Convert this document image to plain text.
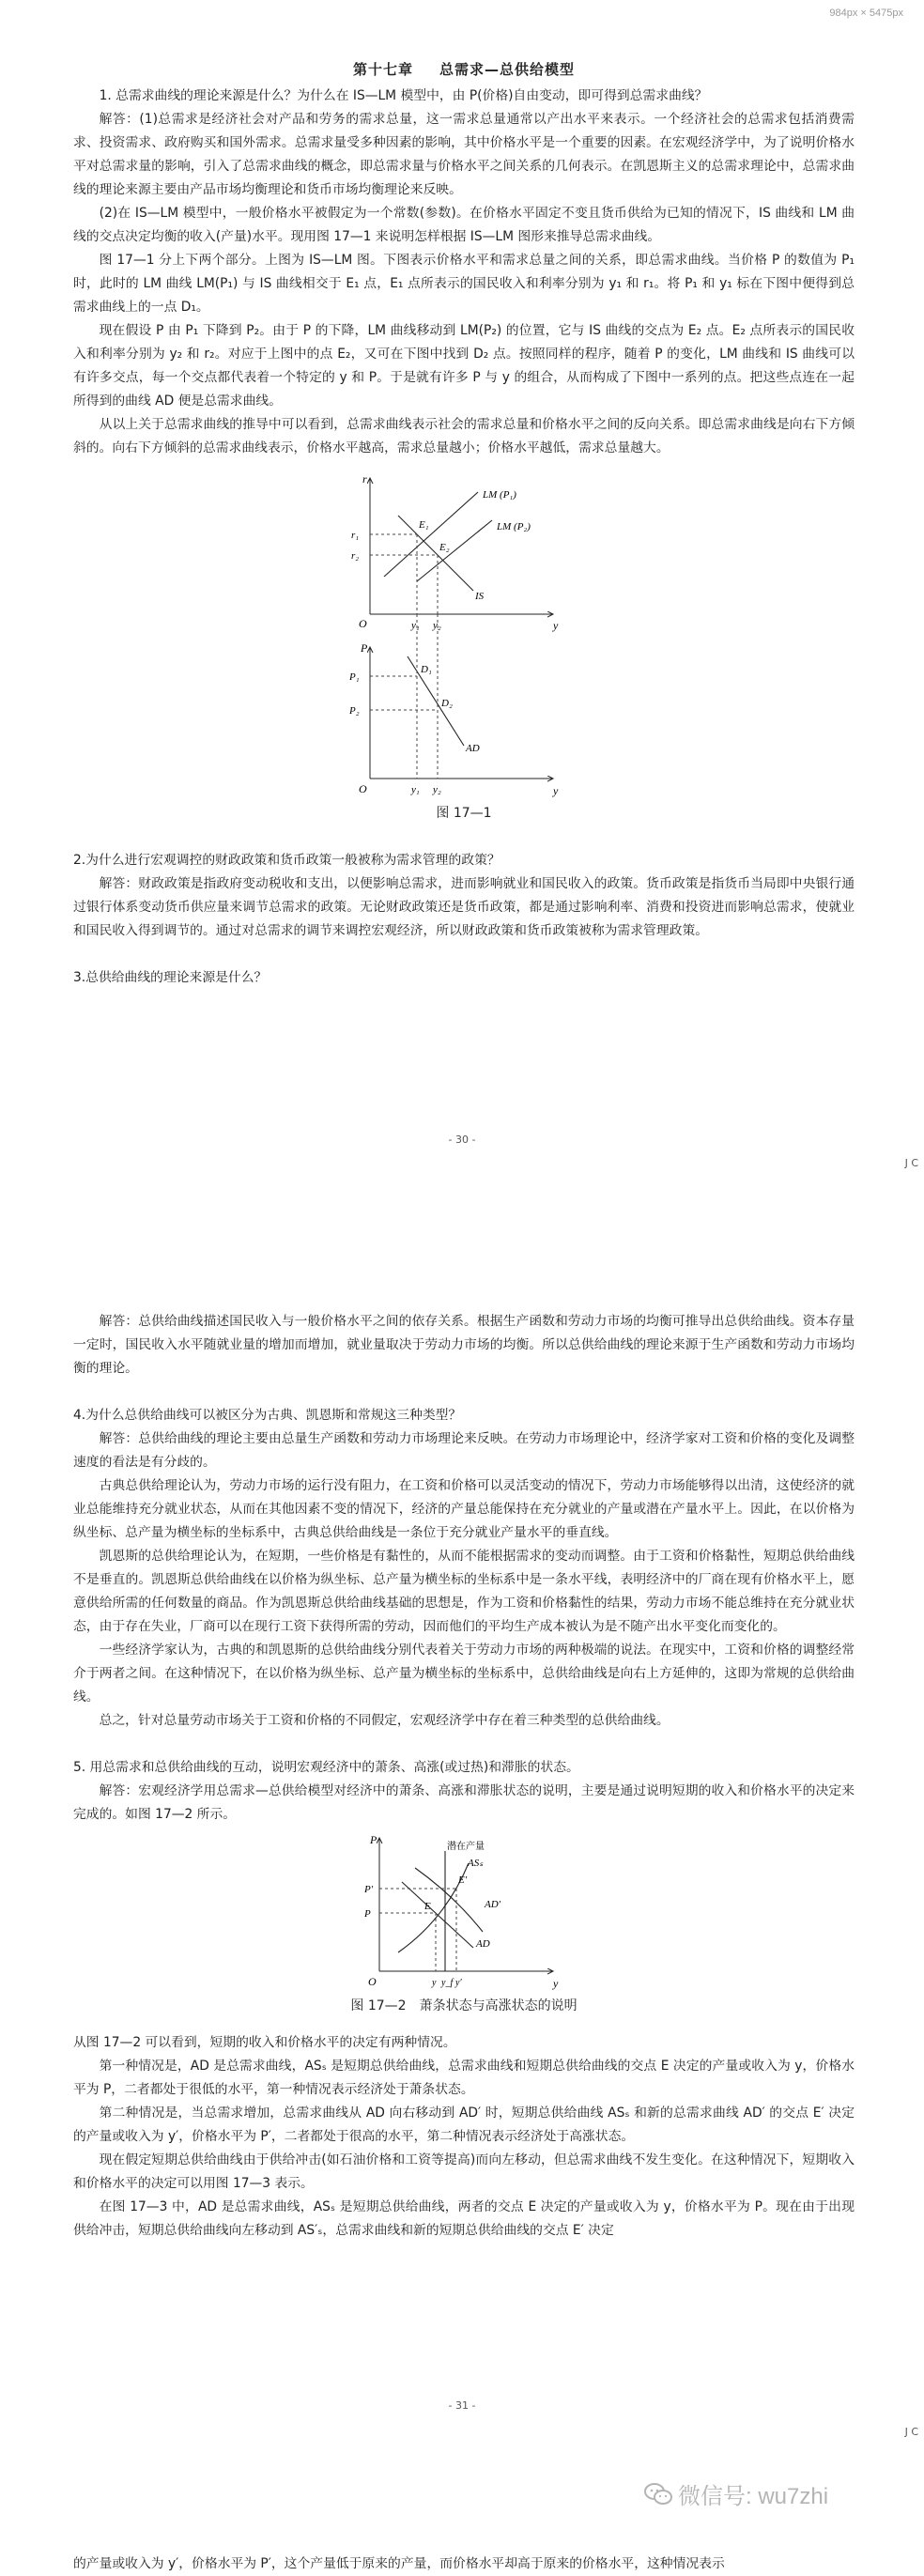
984px × 5475px
第十七章 总需求—总供给模型

1. 总需求曲线的理论来源是什么？为什么在 IS—LM 模型中，由 P(价格)自由变动，即可得到总需求曲线？

解答：(1)总需求是经济社会对产品和劳务的需求总量，这一需求总量通常以产出水平来表示。一个经济社会的总需求包括消费需求、投资需求、政府购买和国外需求。总需求量受多种因素的影响，其中价格水平是一个重要的因素。在宏观经济学中，为了说明价格水平对总需求量的影响，引入了总需求曲线的概念，即总需求量与价格水平之间关系的几何表示。在凯恩斯主义的总需求理论中，总需求曲线的理论来源主要由产品市场均衡理论和货币市场均衡理论来反映。

(2)在 IS—LM 模型中，一般价格水平被假定为一个常数(参数)。在价格水平固定不变且货币供给为已知的情况下，IS 曲线和 LM 曲线的交点决定均衡的收入(产量)水平。现用图 17—1 来说明怎样根据 IS—LM 图形来推导总需求曲线。

图 17—1 分上下两个部分。上图为 IS—LM 图。下图表示价格水平和需求总量之间的关系，即总需求曲线。当价格 P 的数值为 P₁ 时，此时的 LM 曲线 LM(P₁) 与 IS 曲线相交于 E₁ 点，E₁ 点所表示的国民收入和利率分别为 y₁ 和 r₁。将 P₁ 和 y₁ 标在下图中便得到总需求曲线上的一点 D₁。

现在假设 P 由 P₁ 下降到 P₂。由于 P 的下降，LM 曲线移动到 LM(P₂) 的位置，它与 IS 曲线的交点为 E₂ 点。E₂ 点所表示的国民收入和利率分别为 y₂ 和 r₂。对应于上图中的点 E₂，又可在下图中找到 D₂ 点。按照同样的程序，随着 P 的变化，LM 曲线和 IS 曲线可以有许多交点，每一个交点都代表着一个特定的 y 和 P。于是就有许多 P 与 y 的组合，从而构成了下图中一系列的点。把这些点连在一起所得到的曲线 AD 便是总需求曲线。

从以上关于总需求曲线的推导中可以看到，总需求曲线表示社会的需求总量和价格水平之间的反向关系。即总需求曲线是向右下方倾斜的。向右下方倾斜的总需求曲线表示，价格水平越高，需求总量越小；价格水平越低，需求总量越大。

r
y
O
r₁
r₂
y₁ y₂
E₁
E₂
LM (P₁)
LM (P₂)
IS
P
y
O
P₁
P₂
y₁ y₂
D₁
D₂
AD

图 17—1

2.为什么进行宏观调控的财政政策和货币政策一般被称为需求管理的政策？

解答：财政政策是指政府变动税收和支出，以便影响总需求，进而影响就业和国民收入的政策。货币政策是指货币当局即中央银行通过银行体系变动货币供应量来调节总需求的政策。无论财政政策还是货币政策，都是通过影响利率、消费和投资进而影响总需求，使就业和国民收入得到调节的。通过对总需求的调节来调控宏观经济，所以财政政策和货币政策被称为需求管理政策。

3.总供给曲线的理论来源是什么？

- 30 -
J C

解答：总供给曲线描述国民收入与一般价格水平之间的依存关系。根据生产函数和劳动力市场的均衡可推导出总供给曲线。资本存量一定时，国民收入水平随就业量的增加而增加，就业量取决于劳动力市场的均衡。所以总供给曲线的理论来源于生产函数和劳动力市场均衡的理论。

4.为什么总供给曲线可以被区分为古典、凯恩斯和常规这三种类型？

解答：总供给曲线的理论主要由总量生产函数和劳动力市场理论来反映。在劳动力市场理论中，经济学家对工资和价格的变化及调整速度的看法是有分歧的。

古典总供给理论认为，劳动力市场的运行没有阻力，在工资和价格可以灵活变动的情况下，劳动力市场能够得以出清，这使经济的就业总能维持充分就业状态，从而在其他因素不变的情况下，经济的产量总能保持在充分就业的产量或潜在产量水平上。因此，在以价格为纵坐标、总产量为横坐标的坐标系中，古典总供给曲线是一条位于充分就业产量水平的垂直线。

凯恩斯的总供给理论认为，在短期，一些价格是有黏性的，从而不能根据需求的变动而调整。由于工资和价格黏性，短期总供给曲线不是垂直的。凯恩斯总供给曲线在以价格为纵坐标、总产量为横坐标的坐标系中是一条水平线，表明经济中的厂商在现有价格水平上，愿意供给所需的任何数量的商品。作为凯恩斯总供给曲线基础的思想是，作为工资和价格黏性的结果，劳动力市场不能总维持在充分就业状态，由于存在失业，厂商可以在现行工资下获得所需的劳动，因而他们的平均生产成本被认为是不随产出水平变化而变化的。

一些经济学家认为，古典的和凯恩斯的总供给曲线分别代表着关于劳动力市场的两种极端的说法。在现实中，工资和价格的调整经常介于两者之间。在这种情况下，在以价格为纵坐标、总产量为横坐标的坐标系中，总供给曲线是向右上方延伸的，这即为常规的总供给曲线。

总之，针对总量劳动市场关于工资和价格的不同假定，宏观经济学中存在着三种类型的总供给曲线。

5. 用总需求和总供给曲线的互动，说明宏观经济中的萧条、高涨(或过热)和滞胀的状态。

解答：宏观经济学用总需求—总供给模型对经济中的萧条、高涨和滞胀状态的说明，主要是通过说明短期的收入和价格水平的决定来完成的。如图 17—2 所示。

P
y
O
潜在产量
ASₛ
AD′
AD
P′
P
E′
E
y y_f y′

图 17—2　萧条状态与高涨状态的说明

从图 17—2 可以看到，短期的收入和价格水平的决定有两种情况。

第一种情况是，AD 是总需求曲线，ASₛ 是短期总供给曲线，总需求曲线和短期总供给曲线的交点 E 决定的产量或收入为 y，价格水平为 P，二者都处于很低的水平，第一种情况表示经济处于萧条状态。

第二种情况是，当总需求增加，总需求曲线从 AD 向右移动到 AD′ 时，短期总供给曲线 ASₛ 和新的总需求曲线 AD′ 的交点 E′ 决定的产量或收入为 y′，价格水平为 P′，二者都处于很高的水平，第二种情况表示经济处于高涨状态。

现在假定短期总供给曲线由于供给冲击(如石油价格和工资等提高)而向左移动，但总需求曲线不发生变化。在这种情况下，短期收入和价格水平的决定可以用图 17—3 表示。

在图 17—3 中，AD 是总需求曲线，ASₛ 是短期总供给曲线，两者的交点 E 决定的产量或收入为 y，价格水平为 P。现在由于出现供给冲击，短期总供给曲线向左移动到 AS′ₛ，总需求曲线和新的短期总供给曲线的交点 E′ 决定

- 31 -
J C
微信号: wu7zhi

的产量或收入为 y′，价格水平为 P′，这个产量低于原来的产量，而价格水平却高于原来的价格水平，这种情况表示
